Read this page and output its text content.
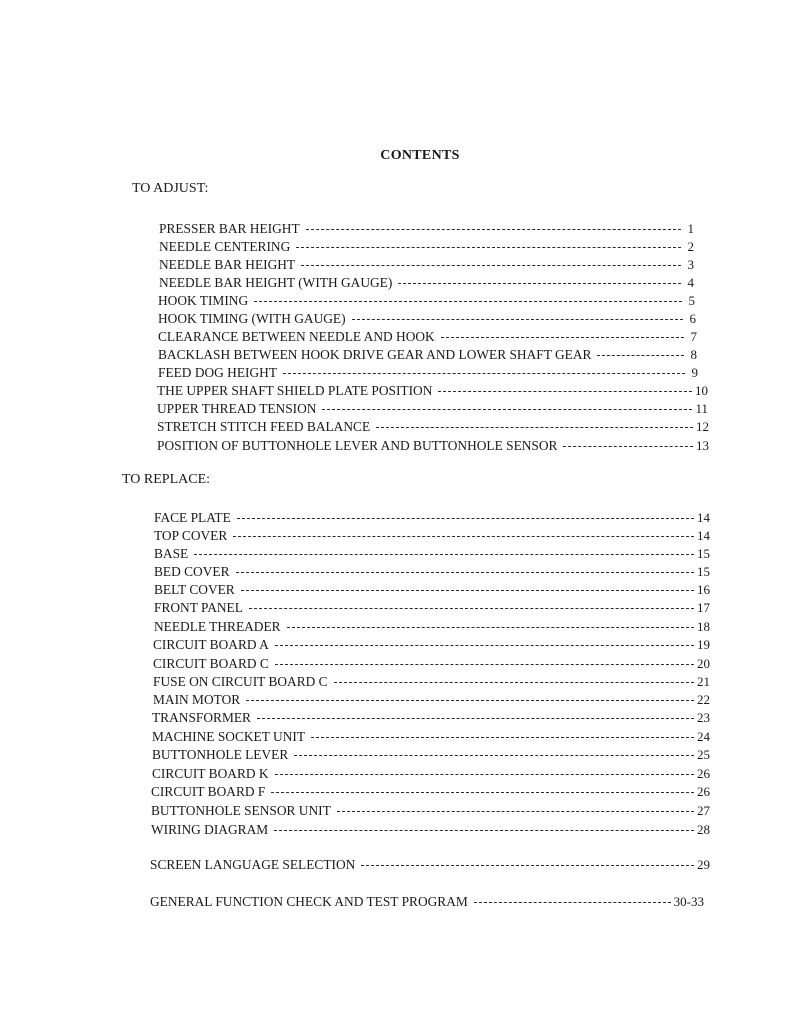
CONTENTS
TO ADJUST:
PRESSER BAR HEIGHT	1
NEEDLE CENTERING	2
NEEDLE BAR HEIGHT	3
NEEDLE BAR HEIGHT (WITH GAUGE)	4
HOOK TIMING	5
HOOK TIMING (WITH GAUGE)	6
CLEARANCE BETWEEN NEEDLE AND HOOK	7
BACKLASH BETWEEN HOOK DRIVE GEAR AND LOWER SHAFT GEAR	8
FEED DOG HEIGHT	9
THE UPPER SHAFT SHIELD PLATE POSITION	10
UPPER THREAD TENSION	11
STRETCH STITCH FEED BALANCE	12
POSITION OF BUTTONHOLE LEVER AND BUTTONHOLE SENSOR	13
TO REPLACE:
FACE PLATE	14
TOP COVER	14
BASE	15
BED COVER	15
BELT COVER	16
FRONT PANEL	17
NEEDLE THREADER	18
CIRCUIT BOARD A	19
CIRCUIT BOARD C	20
FUSE ON CIRCUIT BOARD C	21
MAIN MOTOR	22
TRANSFORMER	23
MACHINE SOCKET UNIT	24
BUTTONHOLE LEVER	25
CIRCUIT BOARD K	26
CIRCUIT BOARD F	26
BUTTONHOLE SENSOR UNIT	27
WIRING DIAGRAM	28
SCREEN LANGUAGE SELECTION	29
GENERAL FUNCTION CHECK AND TEST PROGRAM	30-33
